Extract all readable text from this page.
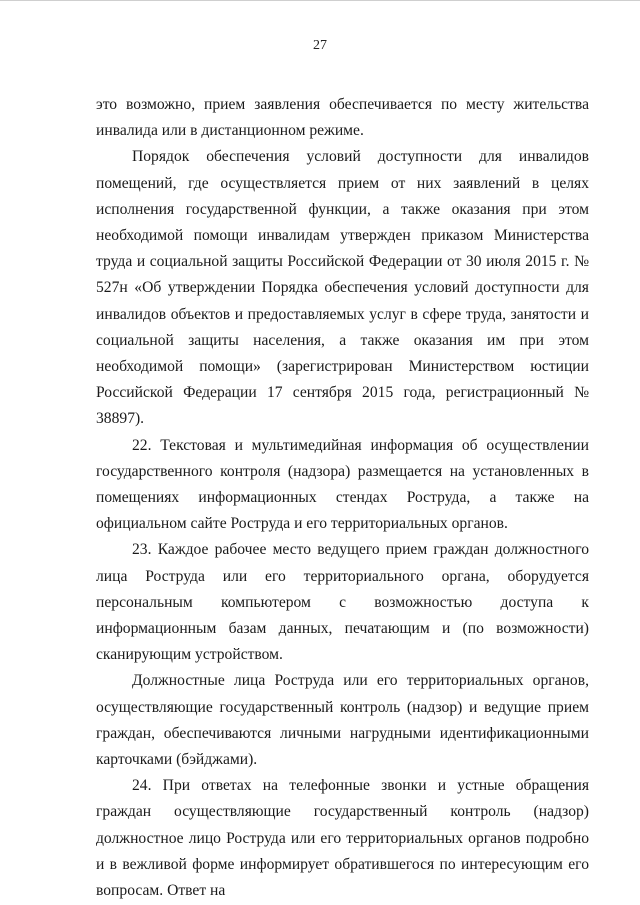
27

это возможно, прием заявления обеспечивается по месту жительства инвалида или в дистанционном режиме.

Порядок обеспечения условий доступности для инвалидов помещений, где осуществляется прием от них заявлений в целях исполнения государственной функции, а также оказания при этом необходимой помощи инвалидам утвержден приказом Министерства труда и социальной защиты Российской Федерации от 30 июля 2015 г. № 527н «Об утверждении Порядка обеспечения условий доступности для инвалидов объектов и предоставляемых услуг в сфере труда, занятости и социальной защиты населения, а также оказания им при этом необходимой помощи» (зарегистрирован Министерством юстиции Российской Федерации 17 сентября 2015 года, регистрационный № 38897).

22. Текстовая и мультимедийная информация об осуществлении государственного контроля (надзора) размещается на установленных в помещениях информационных стендах Роструда, а также на официальном сайте Роструда и его территориальных органов.

23. Каждое рабочее место ведущего прием граждан должностного лица Роструда или его территориального органа, оборудуется персональным компьютером с возможностью доступа к информационным базам данных, печатающим и (по возможности) сканирующим устройством.

Должностные лица Роструда или его территориальных органов, осуществляющие государственный контроль (надзор) и ведущие прием граждан, обеспечиваются личными нагрудными идентификационными карточками (бэйджами).

24. При ответах на телефонные звонки и устные обращения граждан осуществляющие государственный контроль (надзор) должностное лицо Роструда или его территориальных органов подробно и в вежливой форме информирует обратившегося по интересующим его вопросам. Ответ на
